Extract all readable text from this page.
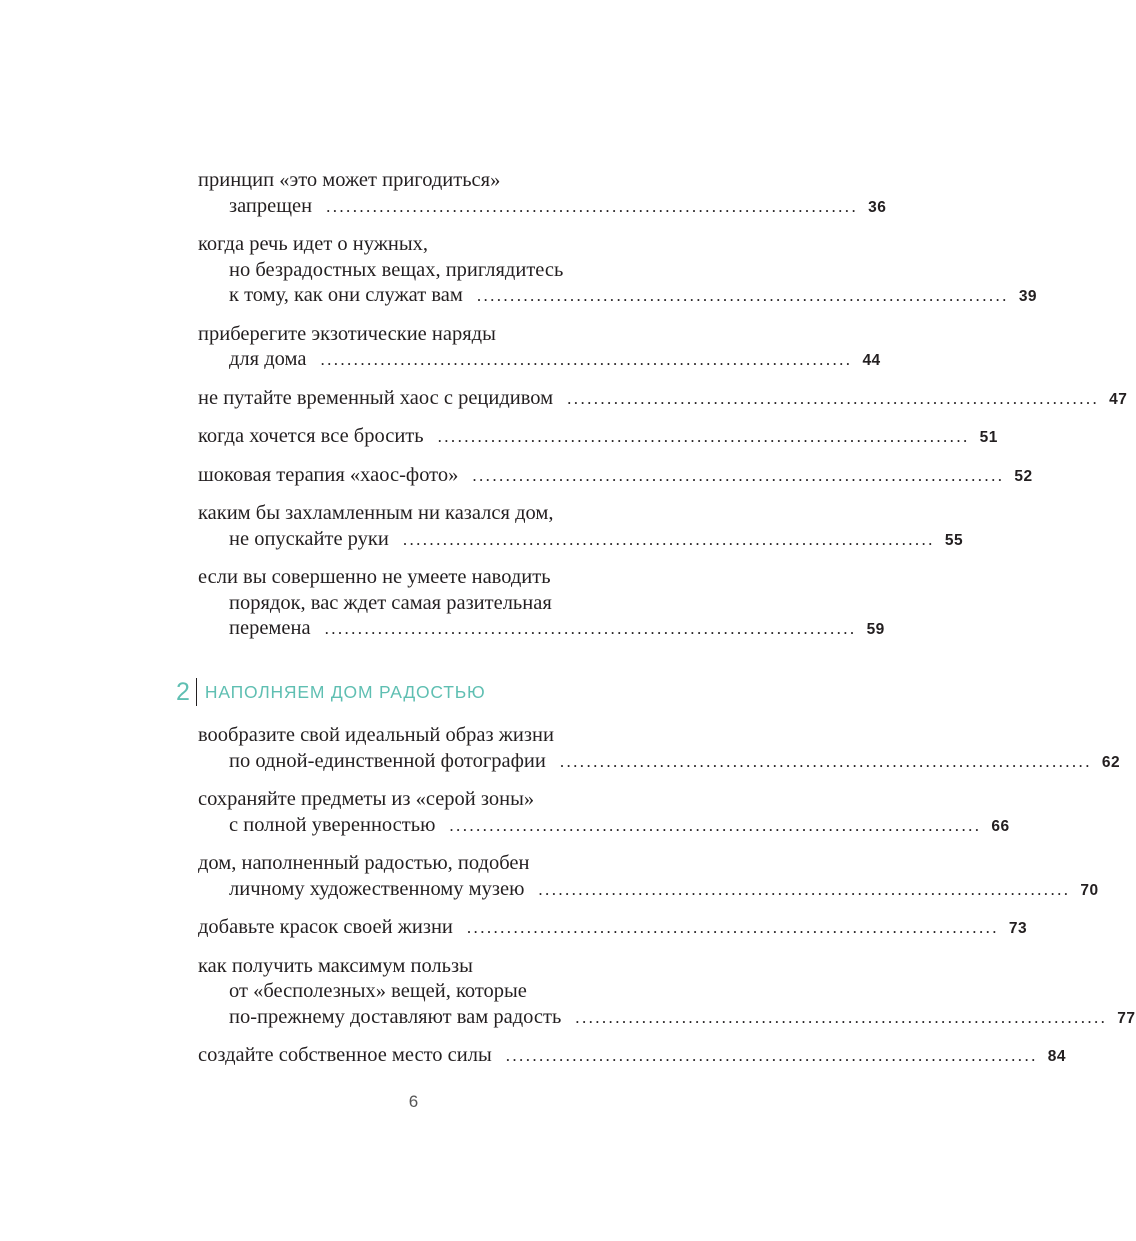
принцип «это может пригодиться»
запрещен ................................................................................ 36
когда речь идет о нужных,
но безрадостных вещах, приглядитесь
к тому, как они служат вам ................................................................................ 39
приберегите экзотические наряды
для дома ................................................................................ 44
не путайте временный хаос с рецидивом ................................................................................ 47
когда хочется все бросить ................................................................................ 51
шоковая терапия «хаос-фото» ................................................................................ 52
каким бы захламленным ни казался дом,
не опускайте руки ................................................................................ 55
если вы совершенно не умеете наводить
порядок, вас ждет самая разительная
перемена ................................................................................ 59
2 НАПОЛНЯЕМ ДОМ РАДОСТЬЮ
вообразите свой идеальный образ жизни
по одной-единственной фотографии ................................................................................ 62
сохраняйте предметы из «серой зоны»
с полной уверенностью ................................................................................ 66
дом, наполненный радостью, подобен
личному художественному музею ................................................................................ 70
добавьте красок своей жизни ................................................................................ 73
как получить максимум пользы
от «бесполезных» вещей, которые
по-прежнему доставляют вам радость ................................................................................ 77
создайте собственное место силы ................................................................................ 84
6
